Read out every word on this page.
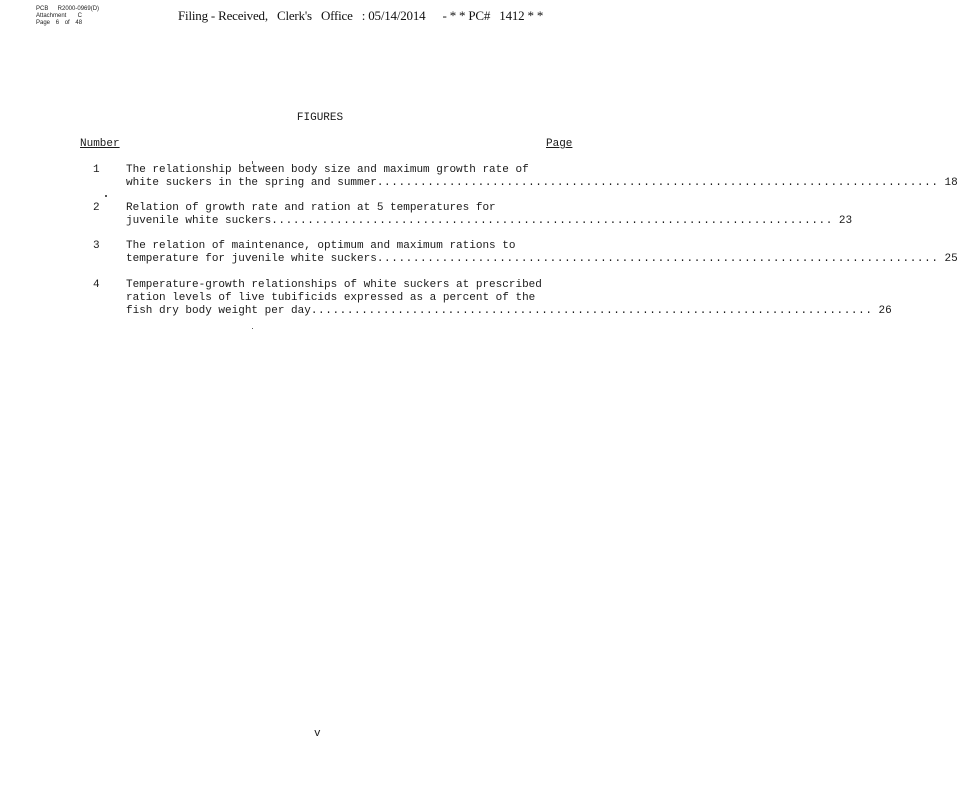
PCB R2000-0969(D)
Attachment C
Page 6 of 48	Filing - Received, Clerk's Office : 05/14/2014 - * * PC# 1412 * *
FIGURES
Number	Page
1 The relationship between body size and maximum growth rate of
white suckers in the spring and summer .............................................................................. 18
2 Relation of growth rate and ration at 5 temperatures for
juvenile white suckers .............................................................................. 23
3 The relation of maintenance, optimum and maximum rations to
temperature for juvenile white suckers .............................................................................. 25
4 Temperature-growth relationships of white suckers at prescribed
ration levels of live tubificids expressed as a percent of the
fish dry body weight per day .............................................................................. 26
v
